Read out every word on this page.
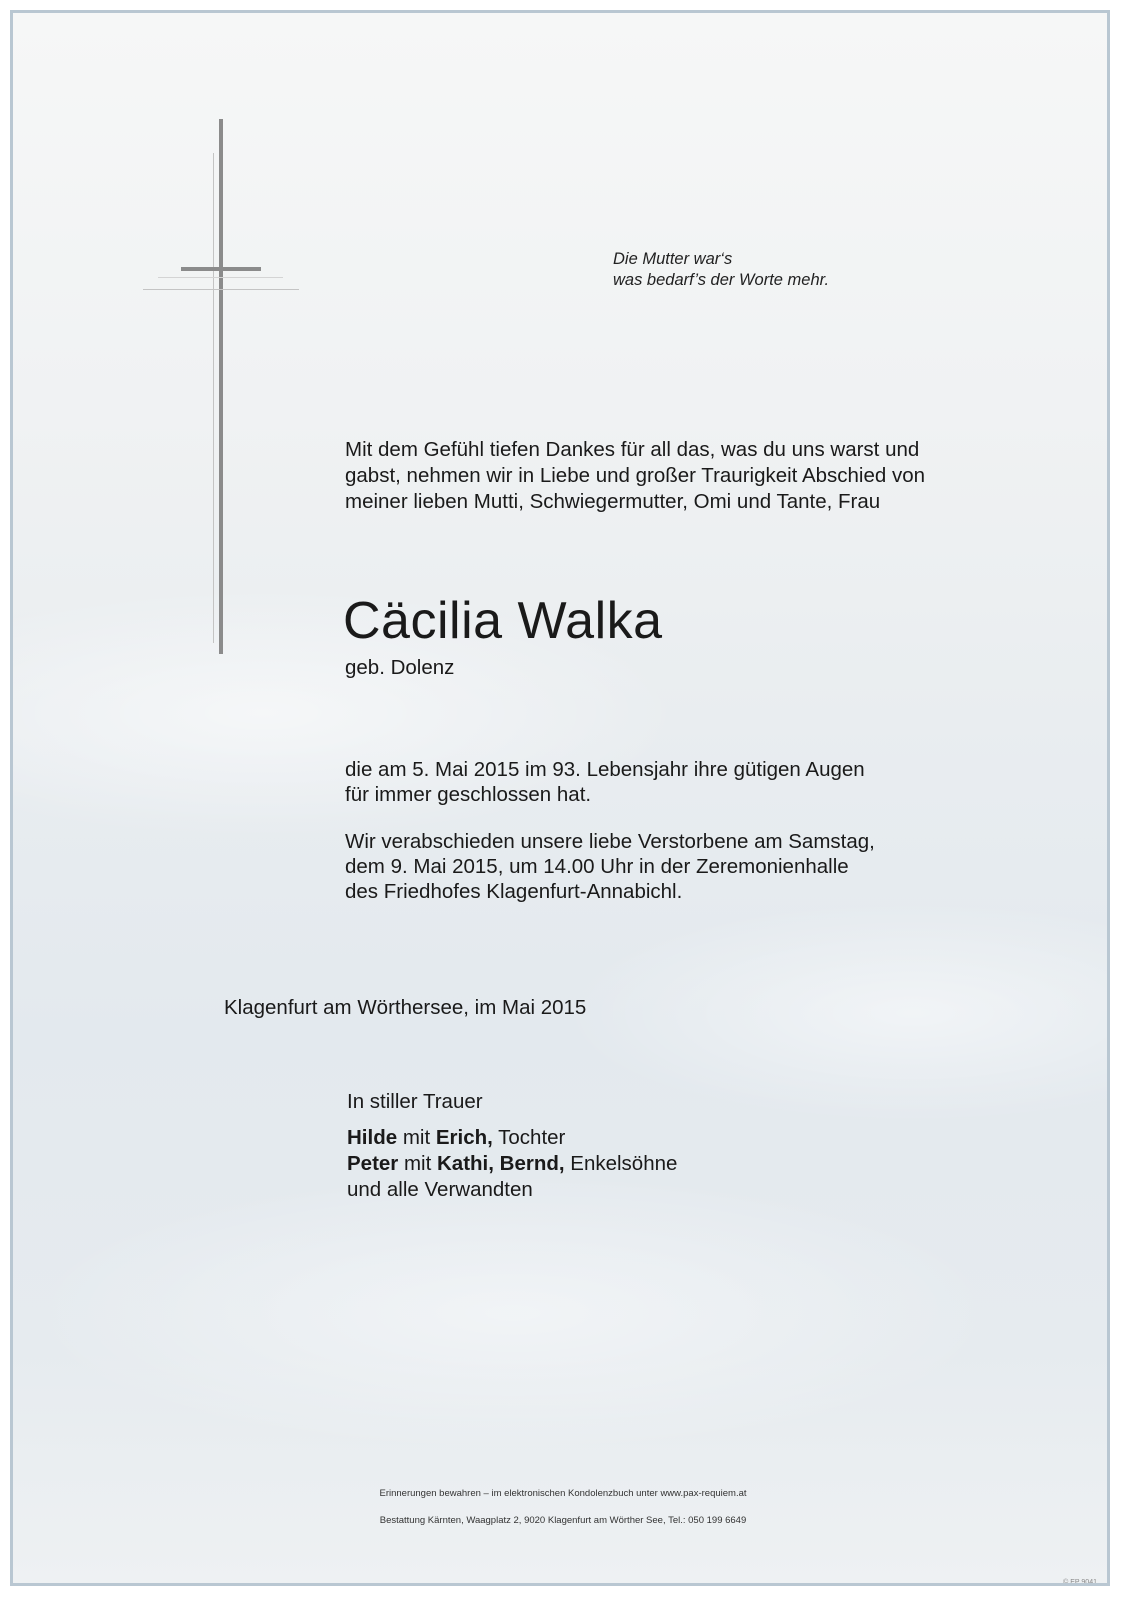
Die Mutter war‘s
was bedarf’s der Worte mehr.
Mit dem Gefühl tiefen Dankes für all das, was du uns warst und
gabst, nehmen wir in Liebe und großer Traurigkeit Abschied von
meiner lieben Mutti, Schwiegermutter, Omi und Tante, Frau
Cäcilia Walka
geb. Dolenz
die am 5. Mai 2015 im 93. Lebensjahr ihre gütigen Augen
für immer geschlossen hat.
Wir verabschieden unsere liebe Verstorbene am Samstag,
dem 9. Mai 2015, um 14.00 Uhr in der Zeremonienhalle
des Friedhofes Klagenfurt-Annabichl.
Klagenfurt am Wörthersee, im Mai 2015
In stiller Trauer
Hilde mit Erich, Tochter
Peter mit Kathi, Bernd, Enkelsöhne
und alle Verwandten
Erinnerungen bewahren – im elektronischen Kondolenzbuch unter www.pax-requiem.at
Bestattung Kärnten, Waagplatz 2, 9020 Klagenfurt am Wörther See, Tel.: 050 199 6649
© EP 9041
